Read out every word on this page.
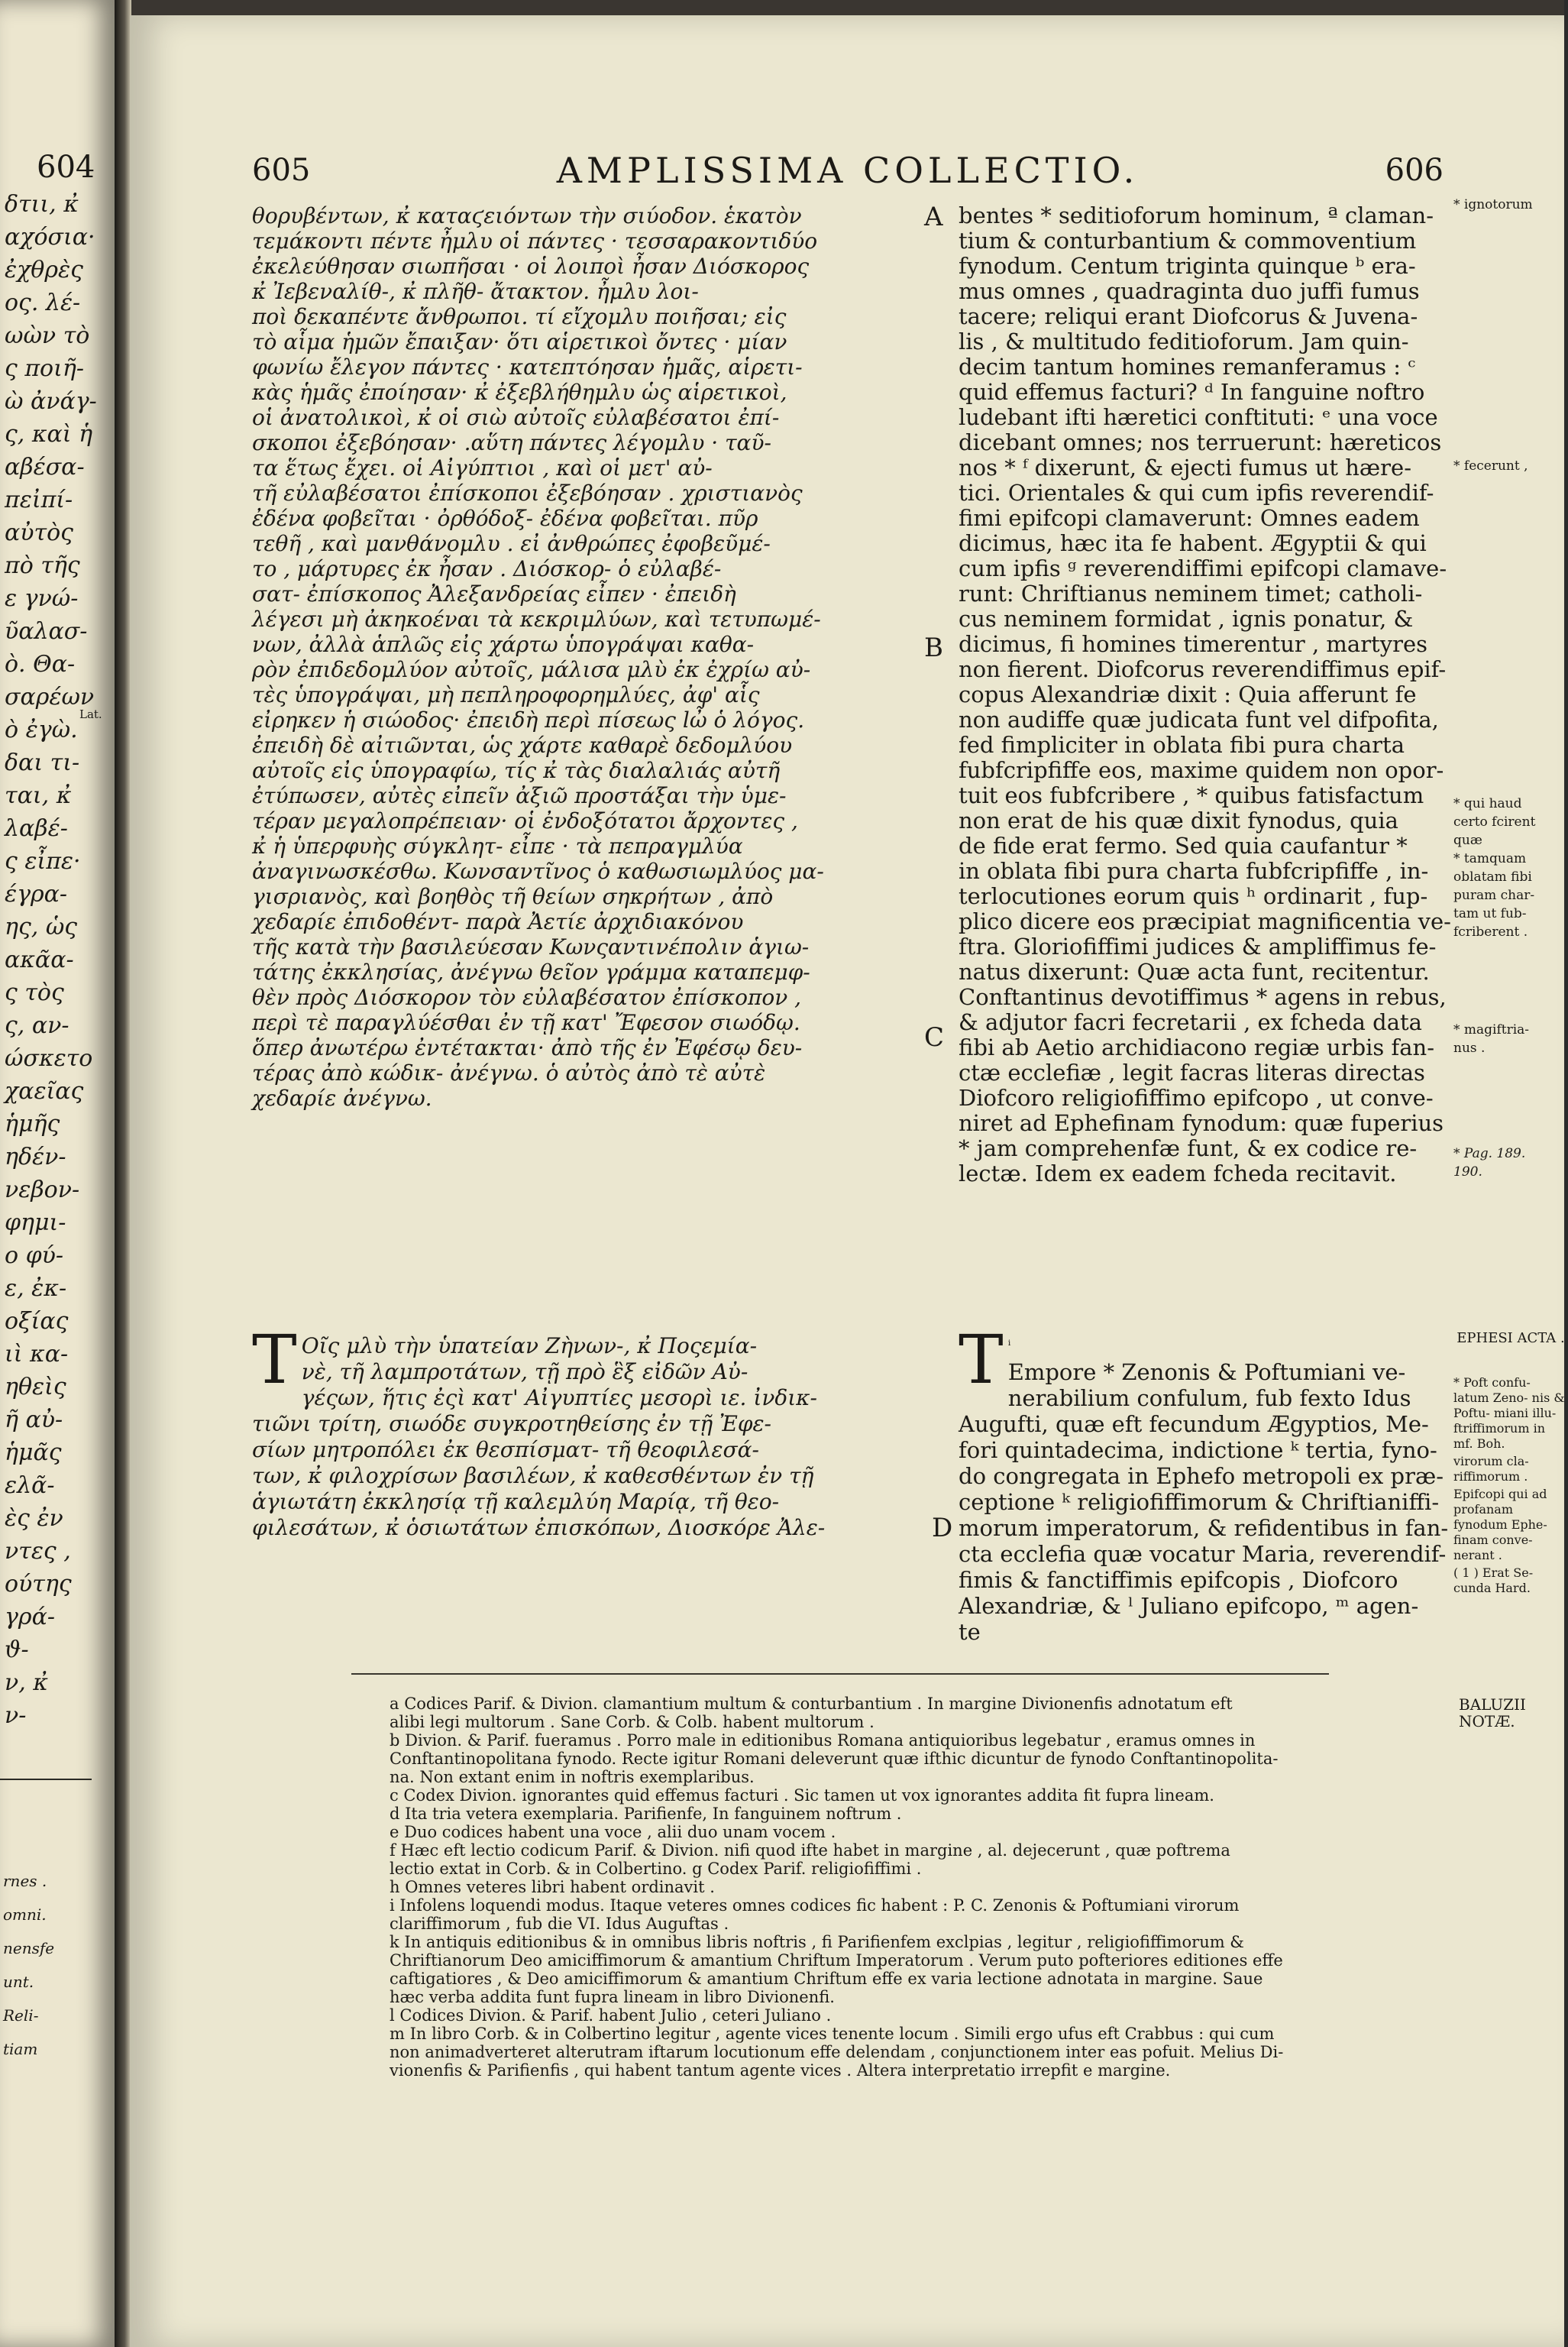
604
δτιι, κ̓
αχόσια·
ἐχθρὲς
ος. λέ-
ωὼν τὸ
ς ποιῆ-
ὼ ἀνάγ-
ς, καὶ ἡ
αβέσα-
πεἰπί-
αὐτὸς
πὸ τῆς
ε γνώ-
ῦαλασ-
ὸ. Θα-
σαρέων
ὸ ἐγὼ.
δαι τι-
ται, κ̓
λαβέ-
ς εἶπε·
έγρα-
ης, ὡς
ακᾶα-
ς τὸς
ς, αν-
ώσκετο
χαεῖας
ἡμῆς
ηδέν-
νεβον-
φημι-
ο φύ-
ε, ἐκ-
οξίας
ιὶ κα-
ηθεὶς
ῆ αὐ-
ἡμᾶς
ελᾶ-
ὲς ἐν
ντες ,
ούτης
γρά-
ϑ-
ν, κ̓
ν-
Lat.
rnes .
omni.
nensfe
unt.
Reli-
tiam
605	AMPLISSIMA COLLECTIO.	606
θορυβέντων, κ̓ καταϛειόντων τὴν σιύοδον. ἑκατὸν
τεμάκοντι πέντε ἦμλυ οἱ πάντες · τεσσαρακοντιδύο
ἐκελεύθησαν σιωπῆσαι · οἱ λοιποὶ ἦσαν Διόσκορος
κ̓ Ἰεβεναλίθ-, κ̓ πλῆθ- ἄτακτον. ἦμλυ λοι-
ποὶ δεκαπέντε ἄνθρωποι. τί εἴχομλυ ποιῆσαι; εἰς
τὸ αἷμα ἡμῶν ἔπαιξαν· ὅτι αἱρετικοὶ ὄντες · μίαν
φωνίω ἔλεγον πάντες · κατεπτόησαν ἡμᾶς, αἱρετι-
κὰς ἡμᾶς ἐποίησαν· κ̓ ἐξεβλήθημλυ ὡς αἱρετικοὶ,
οἱ ἀνατολικοὶ, κ̓ οἱ σιὼ αὐτοῖς εὐλαβέσατοι ἐπί-
σκοποι ἐξεβόησαν· .αὕτη πάντες λέγομλυ · ταῦ-
τα ἕτως ἔχει. οἱ Αἰγύπτιοι , καὶ οἱ μετ' αὐ-
τῆ εὐλαβέσατοι ἐπίσκοποι ἐξεβόησαν . χριστιανὸς
ἐδένα φοβεῖται · ὀρθόδοξ- ἐδένα φοβεῖται. πῦρ
τεθῆ , καὶ μανθάνομλυ . εἰ ἀνθρώπες ἐφοβεῦμέ-
το , μάρτυρες ἐκ ἦσαν . Διόσκορ- ὁ εὐλαβέ-
σατ- ἐπίσκοπος Ἀλεξανδρείας εἶπεν · ἐπειδὴ
λέγεσι μὴ ἀκηκοέναι τὰ κεκριμλύων, καὶ τετυπωμέ-
νων, ἀλλὰ ἁπλῶς εἰς χάρτω ὑπογράψαι καθα-
ρὸν ἐπιδεδομλύον αὐτοῖς, μάλισα μλὺ ἐκ ἐχρίω αὐ-
τὲς ὑπογράψαι, μὴ πεπληροφορημλύες, ἀφ' αἷς
εἰρηκεν ἡ σιώοδος· ἐπειδὴ περὶ πίσεως lὦ ὁ λόγος.
ἐπειδὴ δὲ αἰτιῶνται, ὡς χάρτε καθαρὲ δεδομλύου
αὐτοῖς εἰς ὑπογραφίω, τίς κ̓ τὰς διαλαλιάς αὐτῆ
ἐτύπωσεν, αὐτὲς εἰπεῖν ἀξιῶ προστάξαι τὴν ὑμε-
τέραν μεγαλοπρέπειαν· οἱ ἐνδοξότατοι ἄρχοντες ,
κ̓ ἡ ὑπερφυὴς σύγκλητ- εἶπε · τὰ πεπραγμλύα
ἀναγινωσκέσθω. Κωνσαντῖνος ὁ καθωσιωμλύος μα-
γισριανὸς, καὶ βοηθὸς τῆ θείων σηκρήτων , ἀπὸ
χεδαρίε ἐπιδοθέντ- παρὰ Ἀετίε ἀρχιδιακόνου
τῆς κατὰ τὴν βασιλεύεσαν Κωνςαντινέπολιν ἁγιω-
τάτης ἐκκλησίας, ἀνέγνω θεῖον γράμμα καταπεμφ-
θὲν πρὸς Διόσκορον τὸν εὐλαβέσατον ἐπίσκοπον ,
περὶ τὲ παραγλύέσθαι ἐν τῇ κατ' Ἔφεσον σιωόδῳ.
ὅπερ ἀνωτέρω ἐντέτακται· ἀπὸ τῆς ἐν Ἐφέσῳ δευ-
τέρας ἀπὸ κώδικ- ἀνέγνω. ὁ αὐτὸς ἀπὸ τὲ αὐτὲ
χεδαρίε ἀνέγνω.
A
B
C
D
bentes * seditioforum hominum, ª claman-
tium & conturbantium & commoventium
fynodum. Centum triginta quinque ᵇ era-
mus omnes , quadraginta duo juffi fumus
tacere; reliqui erant Diofcorus & Juvena-
lis , & multitudo feditioforum. Jam quin-
decim tantum homines remanferamus : ᶜ
quid effemus facturi? ᵈ In fanguine noftro
ludebant ifti hæretici conftituti: ᵉ una voce
dicebant omnes; nos terruerunt: hæreticos
nos * ᶠ dixerunt, & ejecti fumus ut hære-
tici. Orientales & qui cum ipfis reverendif-
fimi epifcopi clamaverunt: Omnes eadem
dicimus, hæc ita fe habent. Ægyptii & qui
cum ipfis ᵍ reverendiffimi epifcopi clamave-
runt: Chriftianus neminem timet; catholi-
cus neminem formidat , ignis ponatur, &
dicimus, fi homines timerentur , martyres
non fierent. Diofcorus reverendiffimus epif-
copus Alexandriæ dixit : Quia afferunt fe
non audiffe quæ judicata funt vel difpofita,
fed fimpliciter in oblata fibi pura charta
fubfcripfiffe eos, maxime quidem non opor-
tuit eos fubfcribere , * quibus fatisfactum
non erat de his quæ dixit fynodus, quia
de fide erat fermo. Sed quia caufantur *
in oblata fibi pura charta fubfcripfiffe , in-
terlocutiones eorum quis ʰ ordinarit , fup-
plico dicere eos præcipiat magnificentia ve-
ftra. Gloriofiffimi judices & ampliffimus fe-
natus dixerunt: Quæ acta funt, recitentur.
Conftantinus devotiffimus * agens in rebus,
& adjutor facri fecretarii , ex fcheda data
fibi ab Aetio archidiacono regiæ urbis fan-
ctæ ecclefiæ , legit facras literas directas
Diofcoro religiofiffimo epifcopo , ut conve-
niret ad Ephefinam fynodum: quæ fuperius
* jam comprehenfæ funt, & ex codice re-
lectæ. Idem ex eadem fcheda recitavit.
* ignotorum
* fecerunt ,
* qui haud
certo fcirent
quæ
* tamquam
oblatam fibi
puram char-
tam ut fub-
fcriberent .
* magiftria-
nus .
* Pag. 189.
190.
Τ Οῖς μλὺ τὴν ὑπατείαν Ζὴνων-, κ̓ Ποςεμία-
νὲ, τῆ λαμπροτάτων, τῇ πρὸ ἓξ εἰδῶν Αὐ-
γέςων, ἥτις ἐςὶ κατ' Αἰγυπτίες μεσορὶ ιε. ἰνδικ-
τιῶνι τρίτη, σιωόδε συγκροτηθείσης ἐν τῇ Ἐφε-
σίων μητροπόλει ἐκ θεσπίσματ- τῆ θεοφιλεσά-
των, κ̓ φιλοχρίσων βασιλέων, κ̓ καθεσθέντων ἐν τῇ
ἁγιωτάτη ἐκκλησίᾳ τῇ καλεμλύη Μαρίᾳ, τῆ θεο-
φιλεσάτων, κ̓ ὁσιωτάτων ἐπισκόπων, Διοσκόρε Ἀλε-
$^{^i}$
T Empore * Zenonis & Poftumiani ve-
nerabilium confulum, fub fexto Idus
Augufti, quæ eft fecundum Ægyptios, Me-
fori quintadecima, indictione ᵏ tertia, fyno-
do congregata in Ephefo metropoli ex præ-
ceptione ᵏ religiofiffimorum & Chriftianiffi-
morum imperatorum, & refidentibus in fan-
cta ecclefia quæ vocatur Maria, reverendif-
fimis & fanctiffimis epifcopis , Diofcoro
Alexandriæ, & ˡ Juliano epifcopo, ᵐ agen-
te
EPHESI ACTA .
* Poft confu- latum Zeno- nis & Poftu- miani illu- ftriffimorum in mf. Boh.
virorum cla- riffimorum .
Epifcopi qui ad profanam fynodum Ephe- finam conve- nerant .
( 1 ) Erat Se- cunda Hard.
BALUZII NOTÆ.
a Codices Parif. & Divion. clamantium multum & conturbantium . In margine Divionenfis adnotatum eft
alibi legi multorum . Sane Corb. & Colb. habent multorum .
b Divion. & Parif. fueramus . Porro male in editionibus Romana antiquioribus legebatur , eramus omnes in
Conftantinopolitana fynodo. Recte igitur Romani deleverunt quæ ifthic dicuntur de fynodo Conftantinopolita-
na. Non extant enim in noftris exemplaribus.
c Codex Divion. ignorantes quid effemus facturi . Sic tamen ut vox ignorantes addita fit fupra lineam.
d Ita tria vetera exemplaria. Parifienfe, In fanguinem noftrum .
e Duo codices habent una voce , alii duo unam vocem .
f Hæc eft lectio codicum Parif. & Divion. nifi quod ifte habet in margine , al. dejecerunt , quæ poftrema
lectio extat in Corb. & in Colbertino. g Codex Parif. religiofiffimi .
h Omnes veteres libri habent ordinavit .
i Infolens loquendi modus. Itaque veteres omnes codices fic habent : P. C. Zenonis & Poftumiani virorum
clariffimorum , fub die VI. Idus Auguftas .
k In antiquis editionibus & in omnibus libris noftris , fi Parifienfem exclpias , legitur , religiofiffimorum &
Chriftianorum Deo amiciffimorum & amantium Chriftum Imperatorum . Verum puto pofteriores editiones effe
caftigatiores , & Deo amiciffimorum & amantium Chriftum effe ex varia lectione adnotata in margine. Saue
hæc verba addita funt fupra lineam in libro Divionenfi.
l Codices Divion. & Parif. habent Julio , ceteri Juliano .
m In libro Corb. & in Colbertino legitur , agente vices tenente locum . Simili ergo ufus eft Crabbus : qui cum
non animadverteret alterutram iftarum locutionum effe delendam , conjunctionem inter eas pofuit. Melius Di-
vionenfis & Parifienfis , qui habent tantum agente vices . Altera interpretatio irrepfit e margine.
